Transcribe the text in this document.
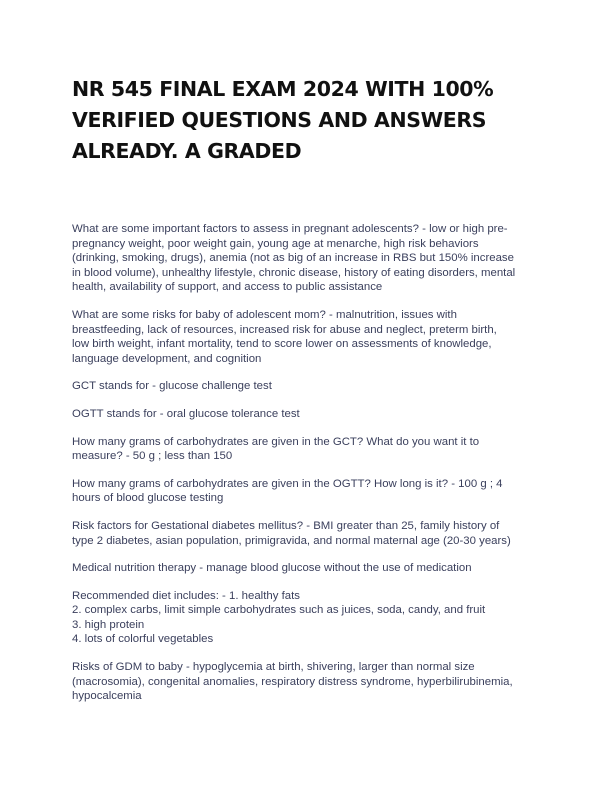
NR 545 FINAL EXAM 2024 WITH 100%
VERIFIED QUESTIONS AND ANSWERS
ALREADY. A GRADED

What are some important factors to assess in pregnant adolescents? - low or high pre-
pregnancy weight, poor weight gain, young age at menarche, high risk behaviors
(drinking, smoking, drugs), anemia (not as big of an increase in RBS but 150% increase
in blood volume), unhealthy lifestyle, chronic disease, history of eating disorders, mental
health, availability of support, and access to public assistance

What are some risks for baby of adolescent mom? - malnutrition, issues with
breastfeeding, lack of resources, increased risk for abuse and neglect, preterm birth,
low birth weight, infant mortality, tend to score lower on assessments of knowledge,
language development, and cognition

GCT stands for - glucose challenge test

OGTT stands for - oral glucose tolerance test

How many grams of carbohydrates are given in the GCT? What do you want it to
measure? - 50 g ; less than 150

How many grams of carbohydrates are given in the OGTT? How long is it? - 100 g ; 4
hours of blood glucose testing

Risk factors for Gestational diabetes mellitus? - BMI greater than 25, family history of
type 2 diabetes, asian population, primigravida, and normal maternal age (20-30 years)

Medical nutrition therapy - manage blood glucose without the use of medication

Recommended diet includes: - 1. healthy fats
2. complex carbs, limit simple carbohydrates such as juices, soda, candy, and fruit
3. high protein
4. lots of colorful vegetables

Risks of GDM to baby - hypoglycemia at birth, shivering, larger than normal size
(macrosomia), congenital anomalies, respiratory distress syndrome, hyperbilirubinemia,
hypocalcemia
